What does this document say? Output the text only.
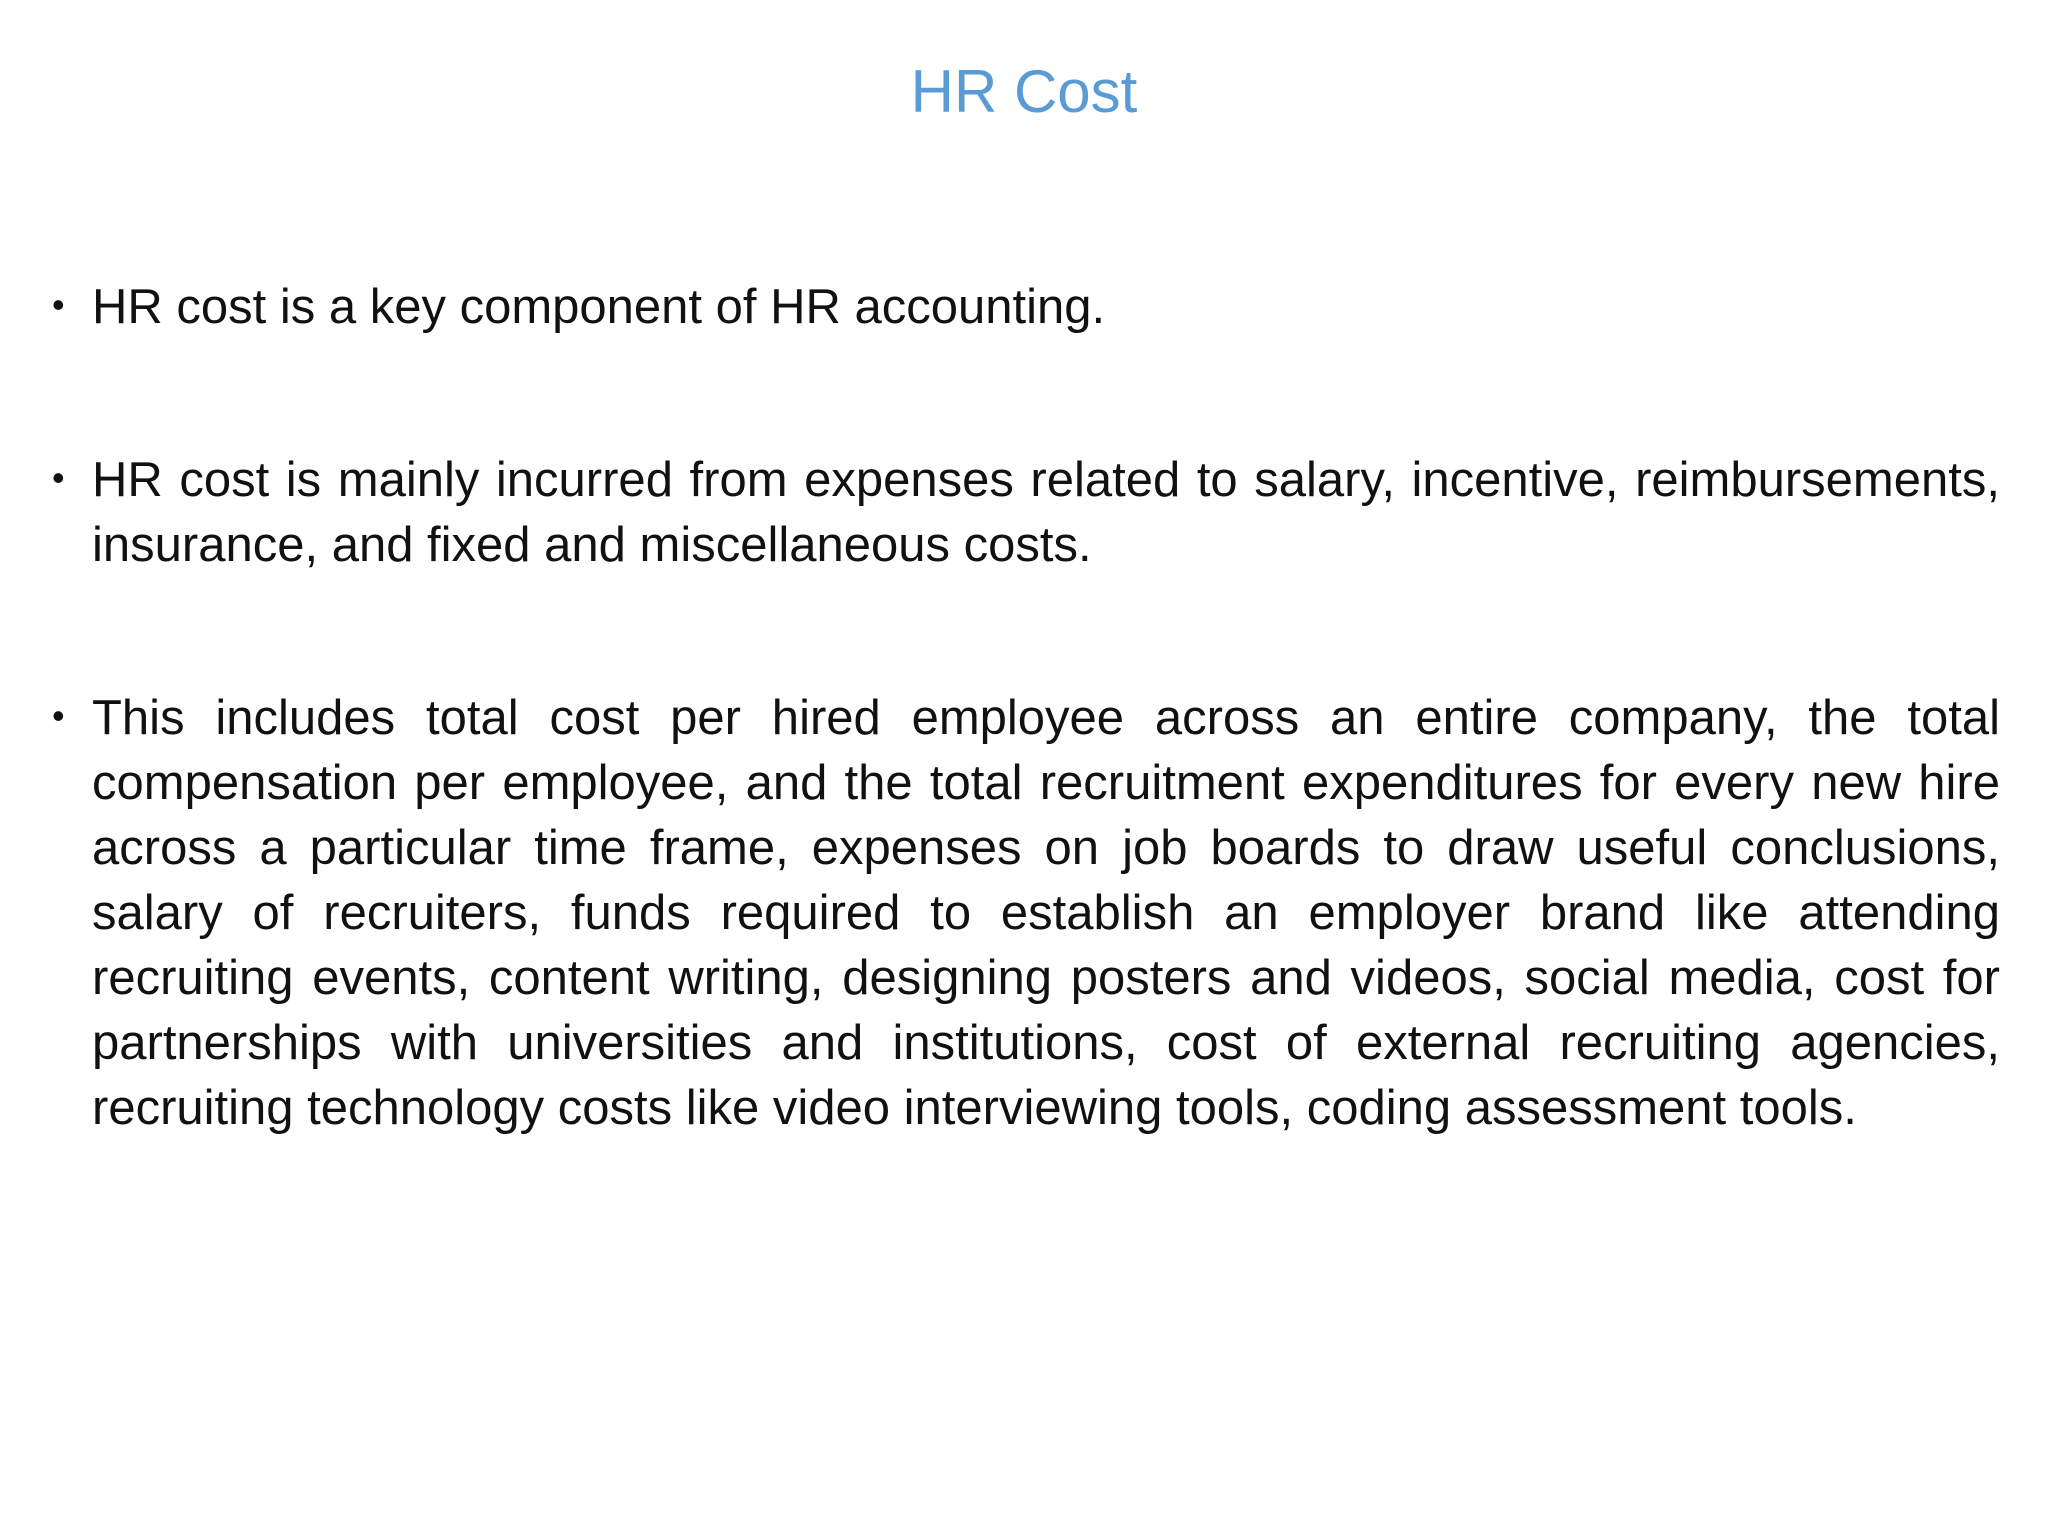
HR Cost
• HR cost is a key component of HR accounting.
• HR cost is mainly incurred from expenses related to salary, incentive, reimbursements, insurance, and fixed and miscellaneous costs.
• This includes total cost per hired employee across an entire company, the total compensation per employee, and the total recruitment expenditures for every new hire across a particular time frame, expenses on job boards to draw useful conclusions, salary of recruiters, funds required to establish an employer brand like attending recruiting events, content writing, designing posters and videos, social media, cost for partnerships with universities and institutions, cost of external recruiting agencies, recruiting technology costs like video interviewing tools, coding assessment tools.
